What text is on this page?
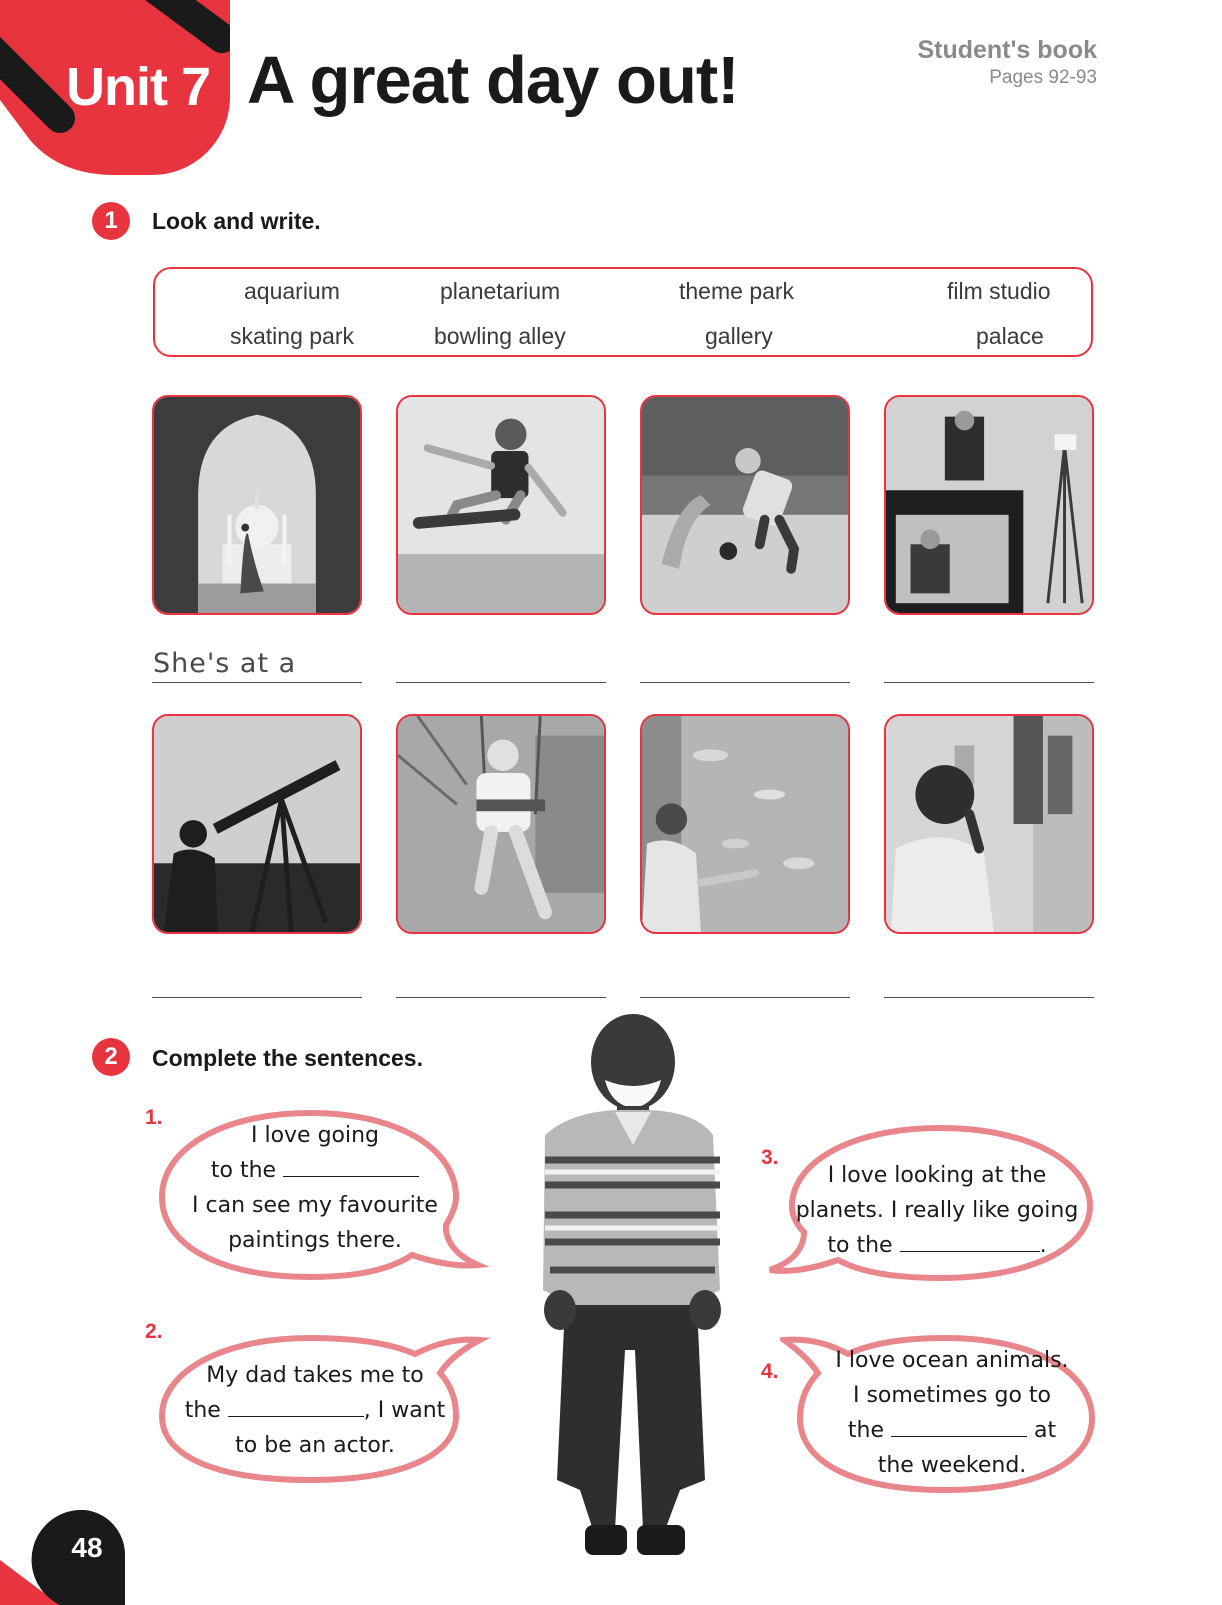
Unit 7 A great day out!	Student's book
Pages 92-93
1	Look and write.
aquarium	planetarium	theme park	film studio
skating park	bowling alley	gallery	palace
She's at a
2	Complete the sentences.
1.
I love going
to the
I can see my favourite
paintings there.
2.
My dad takes me to
the	, I want
to be an actor.
3.
I love looking at the
planets. I really like going
to the	.
4.	I love ocean animals.
I sometimes go to
the	at
the weekend.
48
